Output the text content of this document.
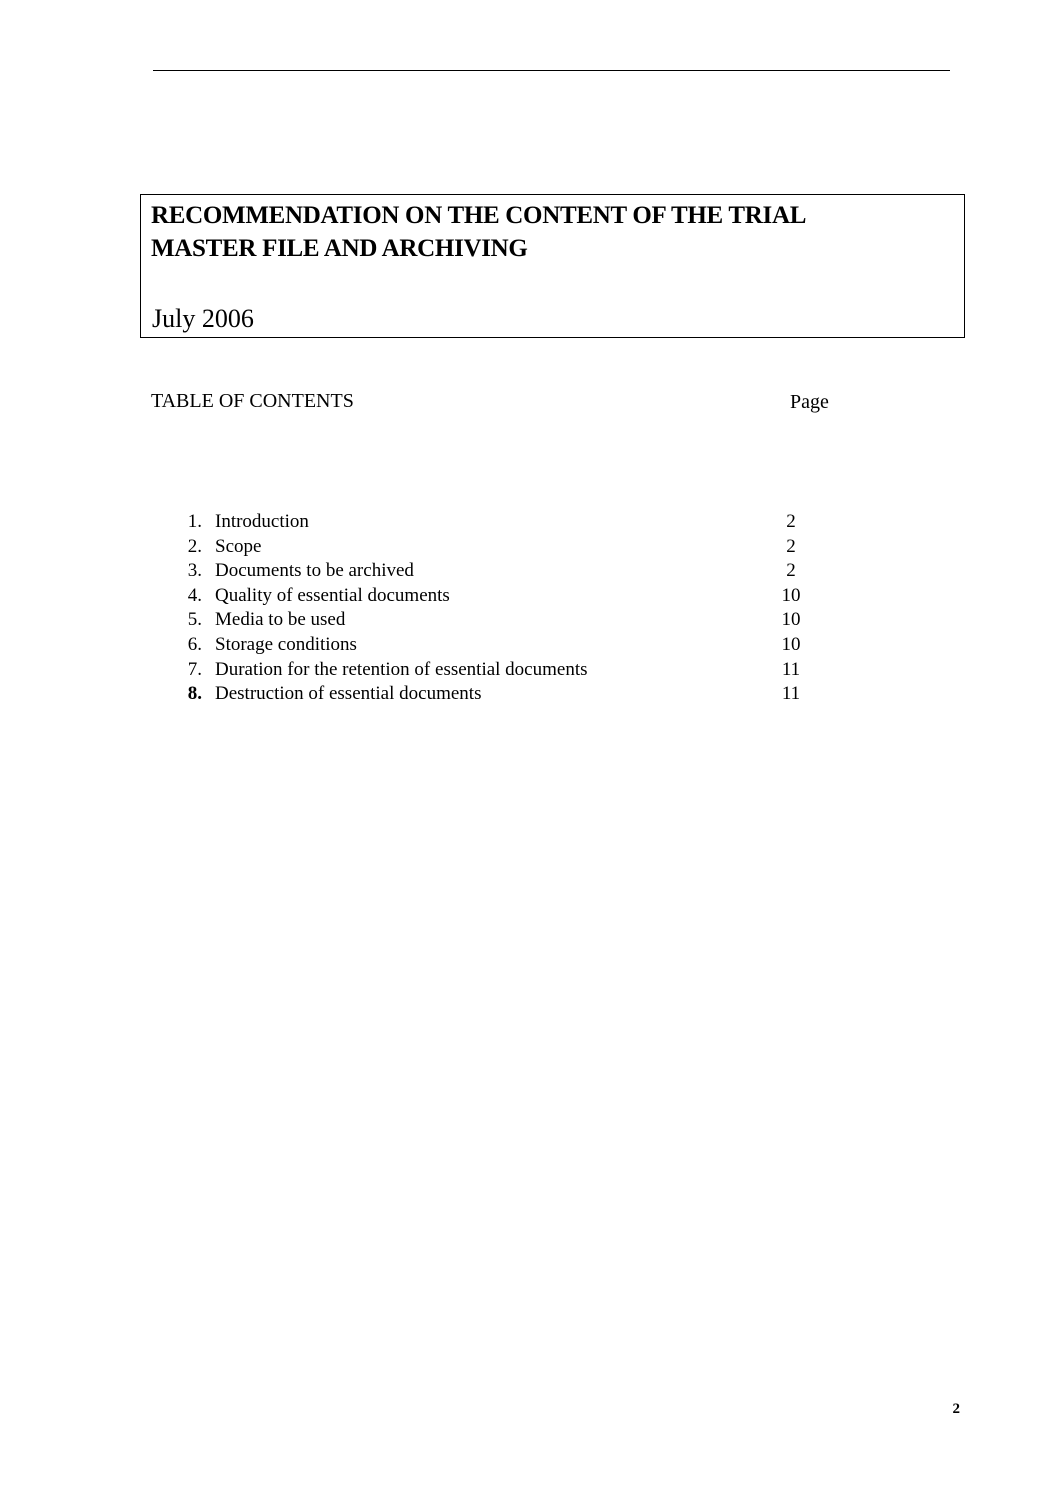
RECOMMENDATION ON THE CONTENT OF THE TRIAL
MASTER FILE AND ARCHIVING
July 2006
TABLE OF CONTENTS	Page
1. Introduction	2
2. Scope	2
3. Documents to be archived	2
4. Quality of essential documents	10
5. Media to be used	10
6. Storage conditions	10
7. Duration for the retention of essential documents	11
8. Destruction of essential documents	11
2
